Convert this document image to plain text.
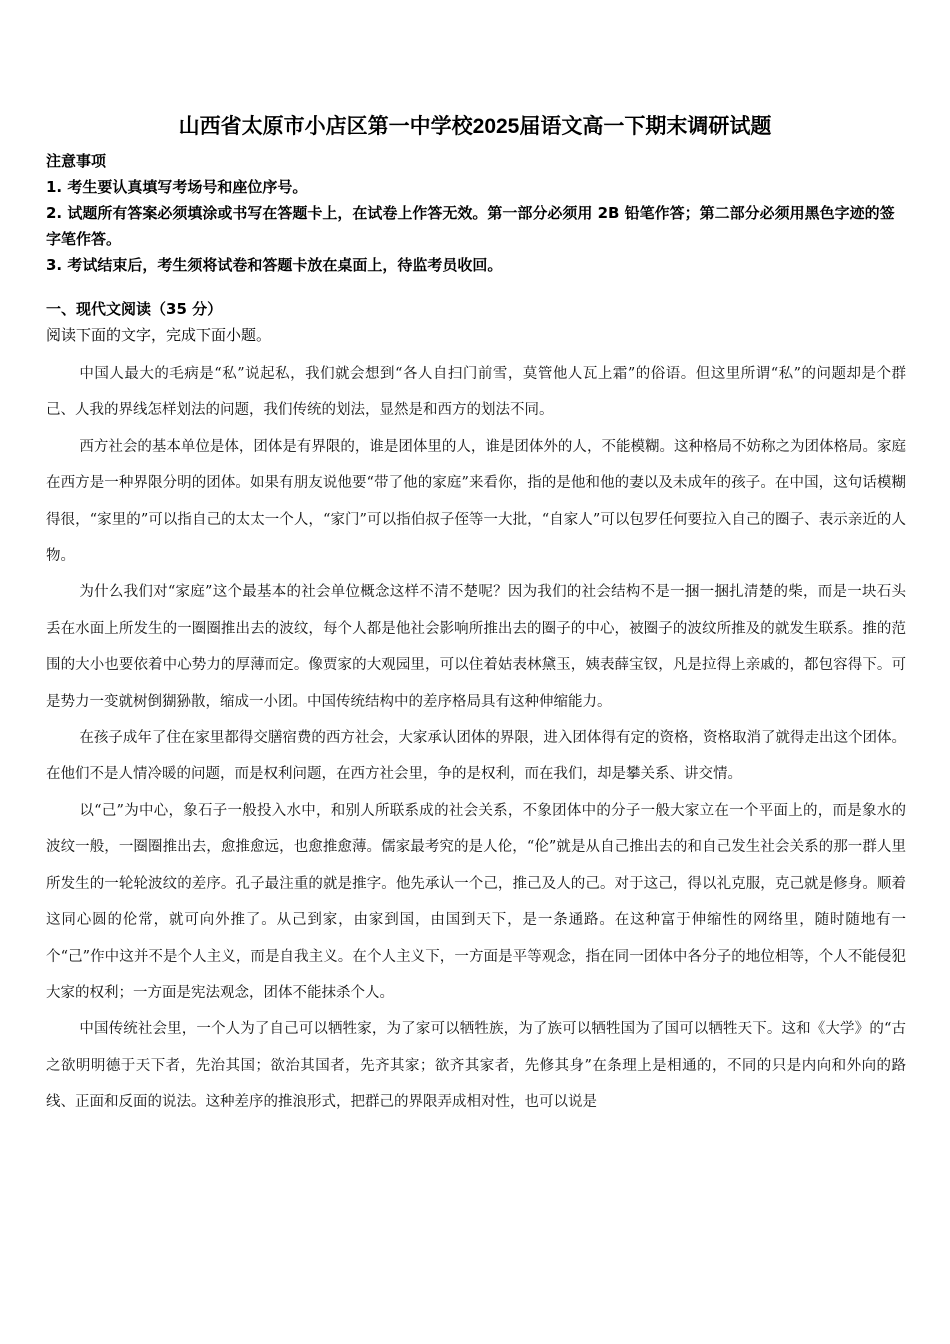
山西省太原市小店区第一中学校2025届语文高一下期末调研试题

注意事项

1. 考生要认真填写考场号和座位序号。

2. 试题所有答案必须填涂或书写在答题卡上，在试卷上作答无效。第一部分必须用 2B 铅笔作答；第二部分必须用黑色字迹的签字笔作答。

3. 考试结束后，考生须将试卷和答题卡放在桌面上，待监考员收回。

一、现代文阅读（35 分）

阅读下面的文字，完成下面小题。

中国人最大的毛病是“私”说起私，我们就会想到“各人自扫门前雪，莫管他人瓦上霜”的俗语。但这里所谓“私”的问题却是个群己、人我的界线怎样划法的问题，我们传统的划法，显然是和西方的划法不同。

西方社会的基本单位是体，团体是有界限的，谁是团体里的人，谁是团体外的人，不能模糊。这种格局不妨称之为团体格局。家庭在西方是一种界限分明的团体。如果有朋友说他要“带了他的家庭”来看你，指的是他和他的妻以及未成年的孩子。在中国，这句话模糊得很，“家里的”可以指自己的太太一个人，“家门”可以指伯叔子侄等一大批，“自家人”可以包罗任何要拉入自己的圈子、表示亲近的人物。

为什么我们对“家庭”这个最基本的社会单位概念这样不清不楚呢？因为我们的社会结构不是一捆一捆扎清楚的柴，而是一块石头丢在水面上所发生的一圈圈推出去的波纹，每个人都是他社会影响所推出去的圈子的中心，被圈子的波纹所推及的就发生联系。推的范围的大小也要依着中心势力的厚薄而定。像贾家的大观园里，可以住着姑表林黛玉，姨表薛宝钗，凡是拉得上亲戚的，都包容得下。可是势力一变就树倒猢狲散，缩成一小团。中国传统结构中的差序格局具有这种伸缩能力。

在孩子成年了住在家里都得交膳宿费的西方社会，大家承认团体的界限，进入团体得有定的资格，资格取消了就得走出这个团体。在他们不是人情冷暖的问题，而是权利问题，在西方社会里，争的是权利，而在我们，却是攀关系、讲交情。

以“己”为中心，象石子一般投入水中，和别人所联系成的社会关系，不象团体中的分子一般大家立在一个平面上的，而是象水的波纹一般，一圈圈推出去，愈推愈远，也愈推愈薄。儒家最考究的是人伦，“伦”就是从自己推出去的和自己发生社会关系的那一群人里所发生的一轮轮波纹的差序。孔子最注重的就是推字。他先承认一个己，推己及人的己。对于这己，得以礼克服，克己就是修身。顺着这同心圆的伦常，就可向外推了。从己到家，由家到国，由国到天下，是一条通路。在这种富于伸缩性的网络里，随时随地有一个“己”作中这并不是个人主义，而是自我主义。在个人主义下，一方面是平等观念，指在同一团体中各分子的地位相等，个人不能侵犯大家的权利；一方面是宪法观念，团体不能抹杀个人。

中国传统社会里，一个人为了自己可以牺牲家，为了家可以牺牲族，为了族可以牺牲国为了国可以牺牲天下。这和《大学》的“古之欲明明德于天下者，先治其国；欲治其国者，先齐其家；欲齐其家者，先修其身”在条理上是相通的，不同的只是内向和外向的路线、正面和反面的说法。这种差序的推浪形式，把群己的界限弄成相对性，也可以说是
